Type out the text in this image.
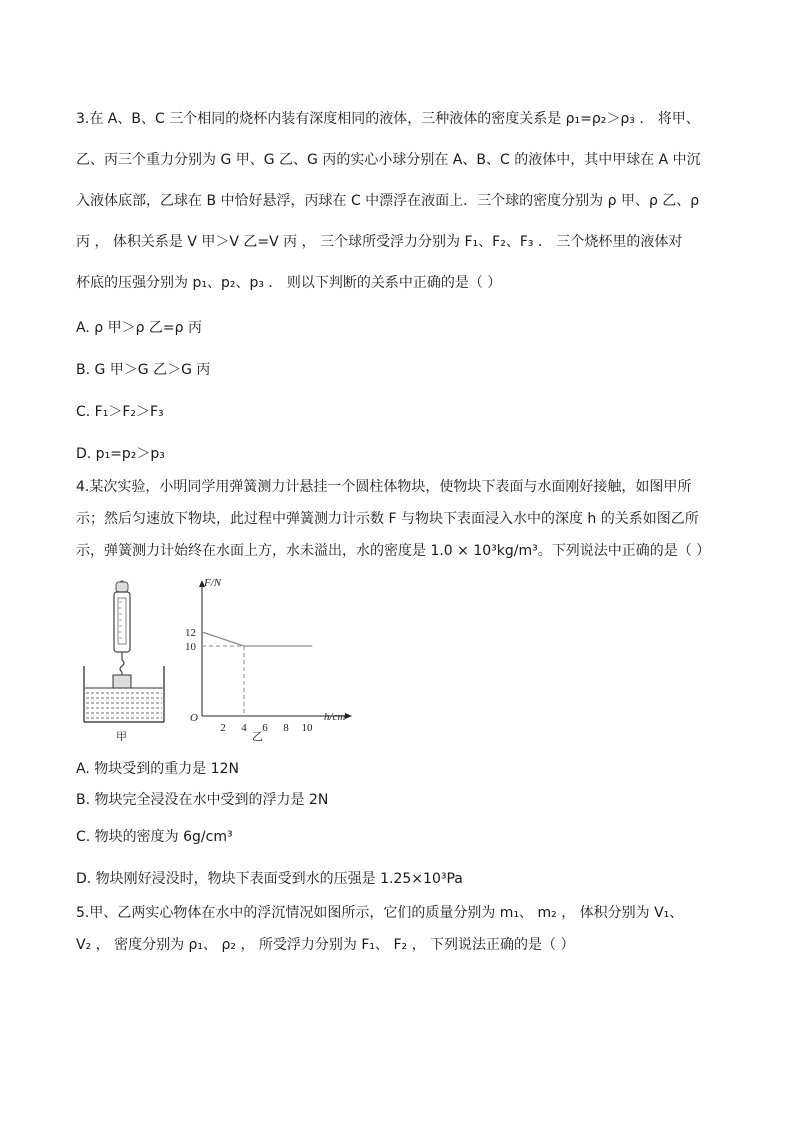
3.在 A、B、C 三个相同的烧杯内装有深度相同的液体，三种液体的密度关系是 ρ₁=ρ₂＞ρ₃ ． 将甲、
乙、丙三个重力分别为 G 甲、G 乙、G 丙的实心小球分别在 A、B、C 的液体中，其中甲球在 A 中沉
入液体底部，乙球在 B 中恰好悬浮，丙球在 C 中漂浮在液面上．三个球的密度分别为 ρ 甲、ρ 乙、ρ
丙 ， 体积关系是 V 甲＞V 乙=V 丙 ， 三个球所受浮力分别为 F₁、F₂、F₃ ． 三个烧杯里的液体对
杯底的压强分别为 p₁、p₂、p₃ ． 则以下判断的关系中正确的是（ ）
A. ρ 甲＞ρ 乙=ρ 丙
B. G 甲＞G 乙＞G 丙
C. F₁＞F₂＞F₃
D. p₁=p₂＞p₃
4.某次实验，小明同学用弹簧测力计悬挂一个圆柱体物块，使物块下表面与水面刚好接触，如图甲所
示；然后匀速放下物块，此过程中弹簧测力计示数 F 与物块下表面浸入水中的深度 h 的关系如图乙所
示，弹簧测力计始终在水面上方，水未溢出，水的密度是 1.0 × 10³kg/m³。下列说法中正确的是（ ）
甲
F/N
h/cm
O
乙
2 4 6 8 10
10
12
A. 物块受到的重力是 12N
B. 物块完全浸没在水中受到的浮力是 2N
C. 物块的密度为 6g/cm³
D. 物块刚好浸没时，物块下表面受到水的压强是 1.25×10³Pa
5.甲、乙两实心物体在水中的浮沉情况如图所示，它们的质量分别为 m₁、 m₂ ， 体积分别为 V₁、
V₂ ， 密度分别为 ρ₁、 ρ₂ ， 所受浮力分别为 F₁、 F₂ ， 下列说法正确的是（ ）
